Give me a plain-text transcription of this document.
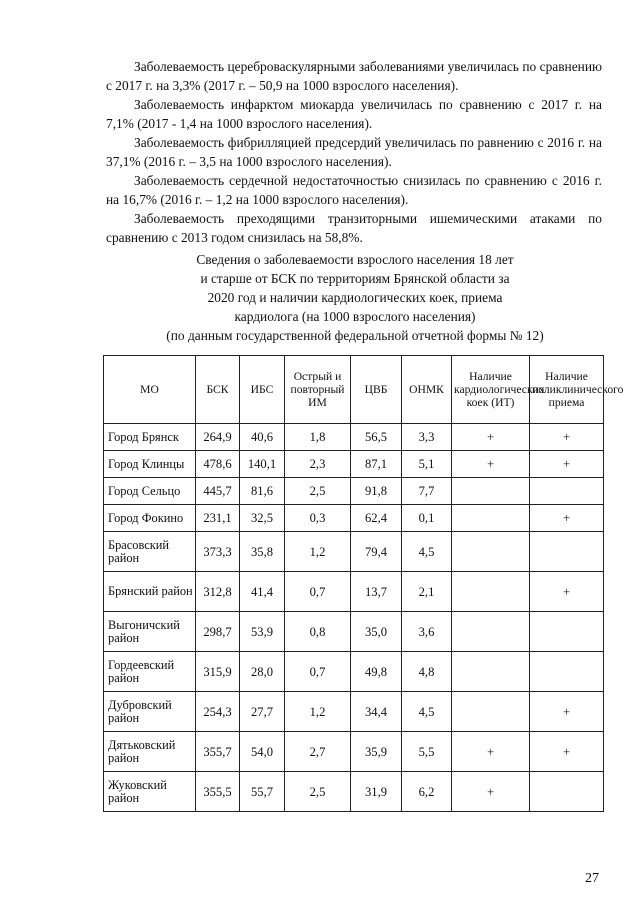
Заболеваемость цереброваскулярными заболеваниями увеличилась по сравнению с 2017 г. на 3,3% (2017 г. – 50,9 на 1000 взрослого населения).

Заболеваемость инфарктом миокарда увеличилась по сравнению с 2017 г. на 7,1% (2017 - 1,4 на 1000 взрослого населения).

Заболеваемость фибрилляцией предсердий увеличилась по равнению с 2016 г. на 37,1% (2016 г. – 3,5 на 1000 взрослого населения).

Заболеваемость сердечной недостаточностью снизилась по сравнению с 2016 г. на 16,7% (2016 г. – 1,2 на 1000 взрослого населения).

Заболеваемость преходящими транзиторными ишемическими атаками по сравнению с 2013 годом снизилась на 58,8%.

Сведения о заболеваемости взрослого населения 18 лет
и старше от БСК по территориям Брянской области за
2020 год и наличии кардиологических коек, приема
кардиолога (на 1000 взрослого населения)
(по данным государственной федеральной отчетной формы № 12)
МО	БСК	ИБС	Острый и повторный ИМ	ЦВБ	ОНМК	Наличие кардиологических коек (ИТ)	Наличие поликлинического приема
Город Брянск	264,9	40,6	1,8	56,5	3,3	+	+
Город Клинцы	478,6	140,1	2,3	87,1	5,1	+	+
Город Сельцо	445,7	81,6	2,5	91,8	7,7		
Город Фокино	231,1	32,5	0,3	62,4	0,1		+
Брасовский район	373,3	35,8	1,2	79,4	4,5		
Брянский район	312,8	41,4	0,7	13,7	2,1		+
Выгоничский район	298,7	53,9	0,8	35,0	3,6		
Гордеевский район	315,9	28,0	0,7	49,8	4,8		
Дубровский район	254,3	27,7	1,2	34,4	4,5		+
Дятьковский район	355,7	54,0	2,7	35,9	5,5	+	+
Жуковский район	355,5	55,7	2,5	31,9	6,2	+	
27
